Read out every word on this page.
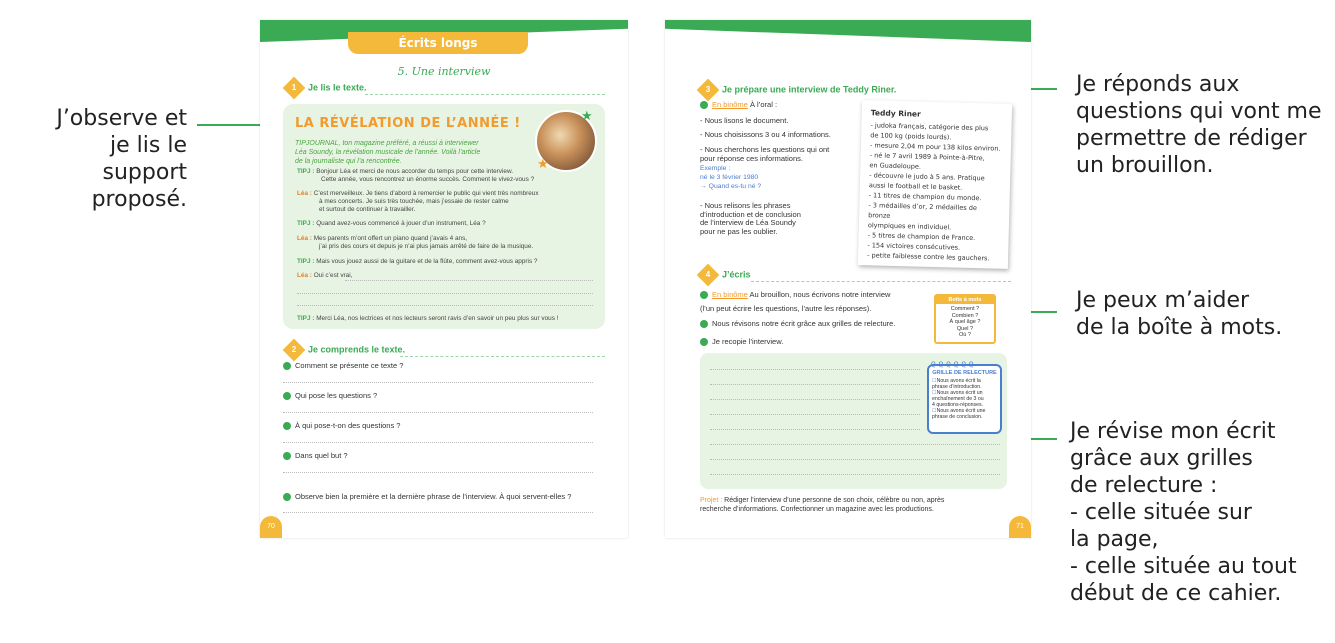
J’observe et
je lis le support
proposé.
Je réponds aux
questions qui vont me
permettre de rédiger
un brouillon.
Je peux m’aider
de la boîte à mots.
Je révise mon écrit
grâce aux grilles
de relecture :
- celle située sur
la page,
- celle située au tout
début de ce cahier.
Écrits longs
5. Une interview
1	Je lis le texte.
LA RÉVÉLATION DE L’ANNÉE !
TIPJOURNAL, ton magazine préféré, a réussi à interviewer
Léa Soundy, la révélation musicale de l’année. Voilà l’article
de la journaliste qui l’a rencontrée.
★
★
TIPJ : Bonjour Léa et merci de nous accorder du temps pour cette interview.
Cette année, vous rencontrez un énorme succès. Comment le vivez-vous ?
Léa : C’est merveilleux. Je tiens d’abord à remercier le public qui vient très nombreux
à mes concerts. Je suis très touchée, mais j’essaie de rester calme
et surtout de continuer à travailler.
TIPJ : Quand avez-vous commencé à jouer d’un instrument, Léa ?
Léa : Mes parents m’ont offert un piano quand j’avais 4 ans,
j’ai pris des cours et depuis je n’ai plus jamais arrêté de faire de la musique.
TIPJ : Mais vous jouez aussi de la guitare et de la flûte, comment avez-vous appris ?
Léa : Oui c’est vrai,
TIPJ : Merci Léa, nos lectrices et nos lecteurs seront ravis d’en savoir un peu plus sur vous !
2	Je comprends le texte.
Comment se présente ce texte ?
Qui pose les questions ?
À qui pose-t-on des questions ?
Dans quel but ?
Observe bien la première et la dernière phrase de l’interview. À quoi servent-elles ?
70
3	Je prépare une interview de Teddy Riner.
En binôme À l’oral :
- Nous lisons le document.
- Nous choisissons 3 ou 4 informations.
- Nous cherchons les questions qui ont
pour réponse ces informations.
Exemple :
né le 3 février 1980
→ Quand es-tu né ?
- Nous relisons les phrases
d’introduction et de conclusion
de l’interview de Léa Soundy
pour ne pas les oublier.

Teddy Riner

- judoka français, catégorie des plus

de 100 kg (poids lourds).

- mesure 2,04 m pour 138 kilos environ.

- né le 7 avril 1989 à Pointe-à-Pitre,

en Guadeloupe.

- découvre le judo à 5 ans. Pratique

aussi le football et le basket.

- 11 titres de champion du monde.

- 3 médailles d’or, 2 médailles de bronze

olympiques en individuel.

- 5 titres de champion de France.

- 154 victoires consécutives.

- petite faiblesse contre les gauchers.

4	J’écris
En binôme Au brouillon, nous écrivons notre interview
(l’un peut écrire les questions, l’autre les réponses).
Nous révisons notre écrit grâce aux grilles de relecture.
Je recopie l’interview.
Boîte à mots
Comment ?
Combien ?
À quel âge ?
Quel ?
Où ?
ϱϱϱϱϱϱ
GRILLE DE RELECTURE
☐Nous avons écrit la
phrase d’introduction.
☐Nous avons écrit un
enchaînement de 3 ou
4 questions-réponses.
☐Nous avons écrit une
phrase de conclusion.
Projet : Rédiger l’interview d’une personne de son choix, célèbre ou non, après
recherche d’informations. Confectionner un magazine avec les productions.
71
